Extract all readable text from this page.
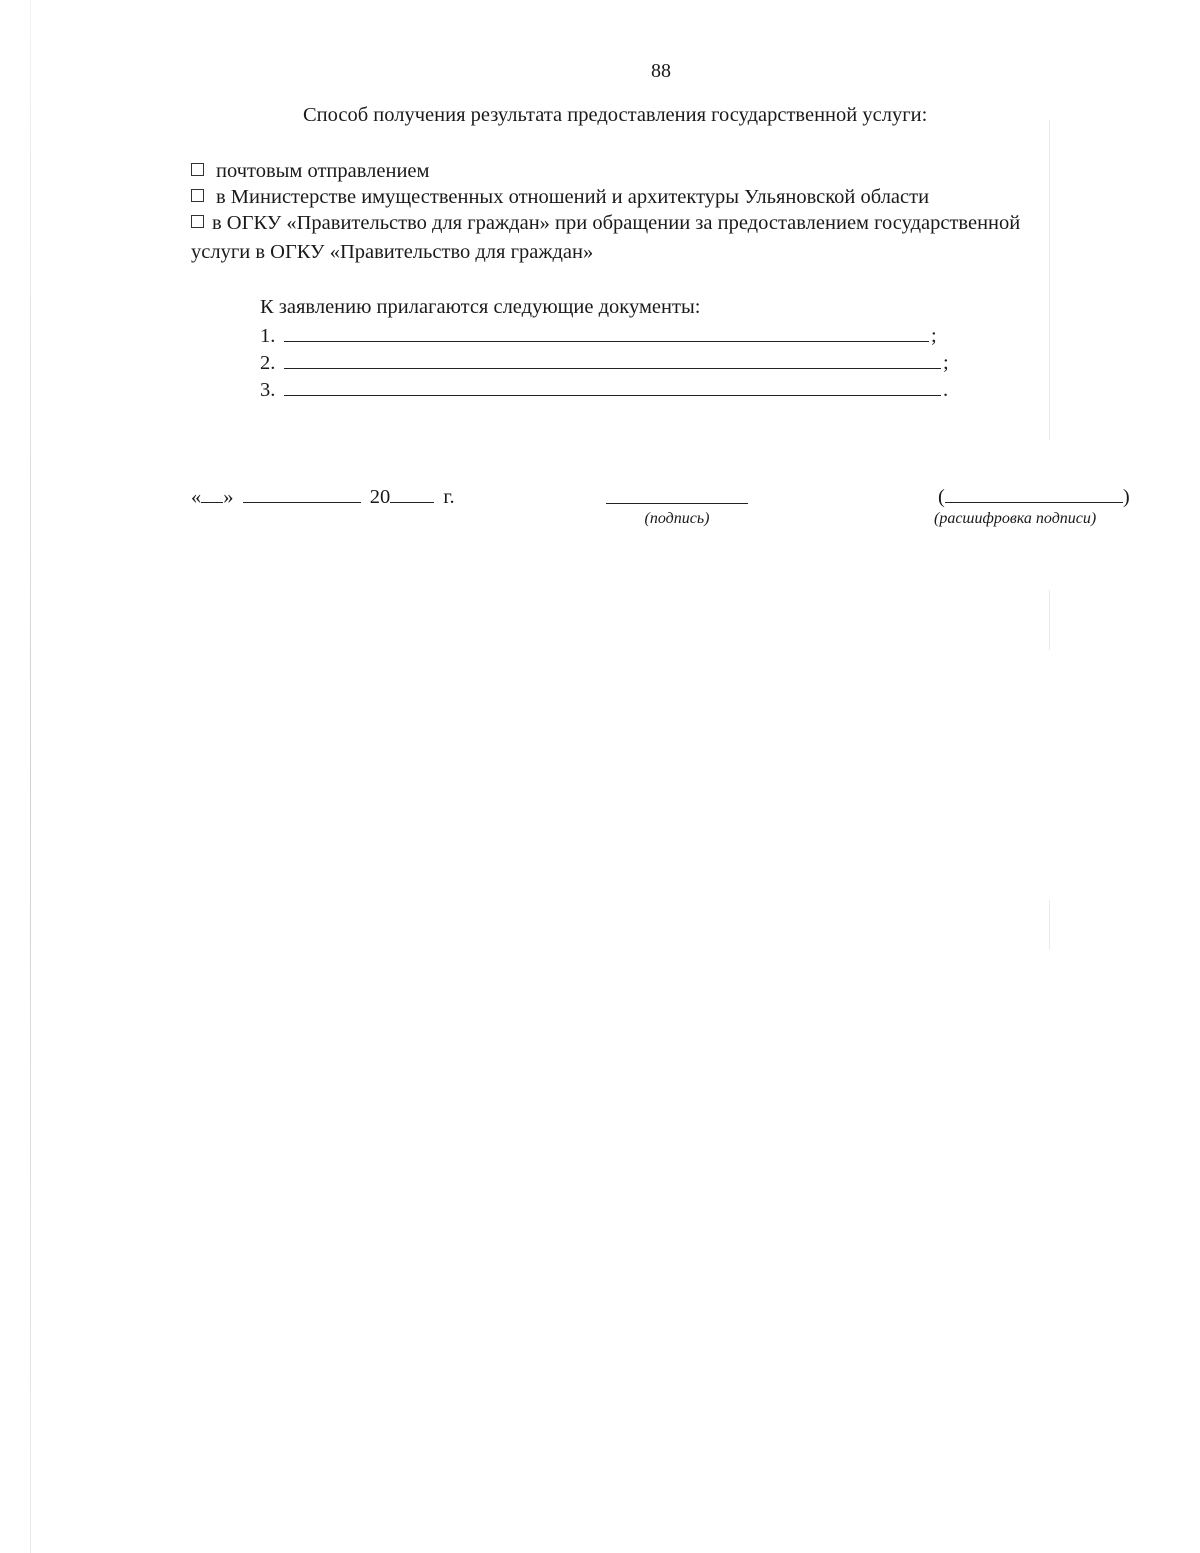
88
Способ получения результата предоставления государственной услуги:
почтовым отправлением
в Министерстве имущественных отношений и архитектуры Ульяновской области
в ОГКУ «Правительство для граждан» при обращении за предоставлением государственной
услуги в ОГКУ «Правительство для граждан»
К заявлению прилагаются следующие документы:
1.	;
2.	;
3.	.
« »	20	г.
(подпись)
(	)
(расшифровка подписи)
